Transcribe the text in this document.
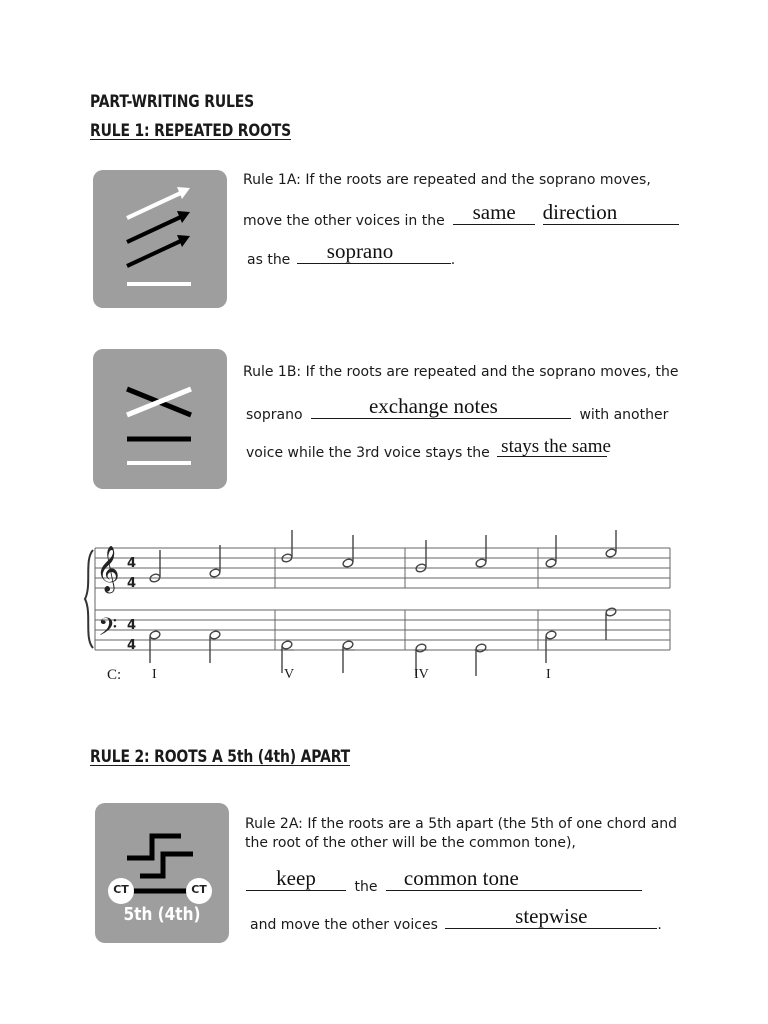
PART-WRITING RULES
RULE 1: REPEATED ROOTS
Rule 1A: If the roots are repeated and the soprano moves,
move the other voices in the	same
	direction
as the soprano	.
Rule 1B: If the roots are repeated and the soprano moves, the
soprano	exchange notes	with another
voice while the 3rd voice stays the stays the same
𝄞
𝄢
4
4
4
4
C: I	V	IV	I
RULE 2: ROOTS A 5th (4th) APART
CT	CT
5th (4th)
Rule 2A: If the roots are a 5th apart (the 5th of one chord and
the root of the other will be the common tone),
keep	the common tone
and move the other voices	stepwise	.
